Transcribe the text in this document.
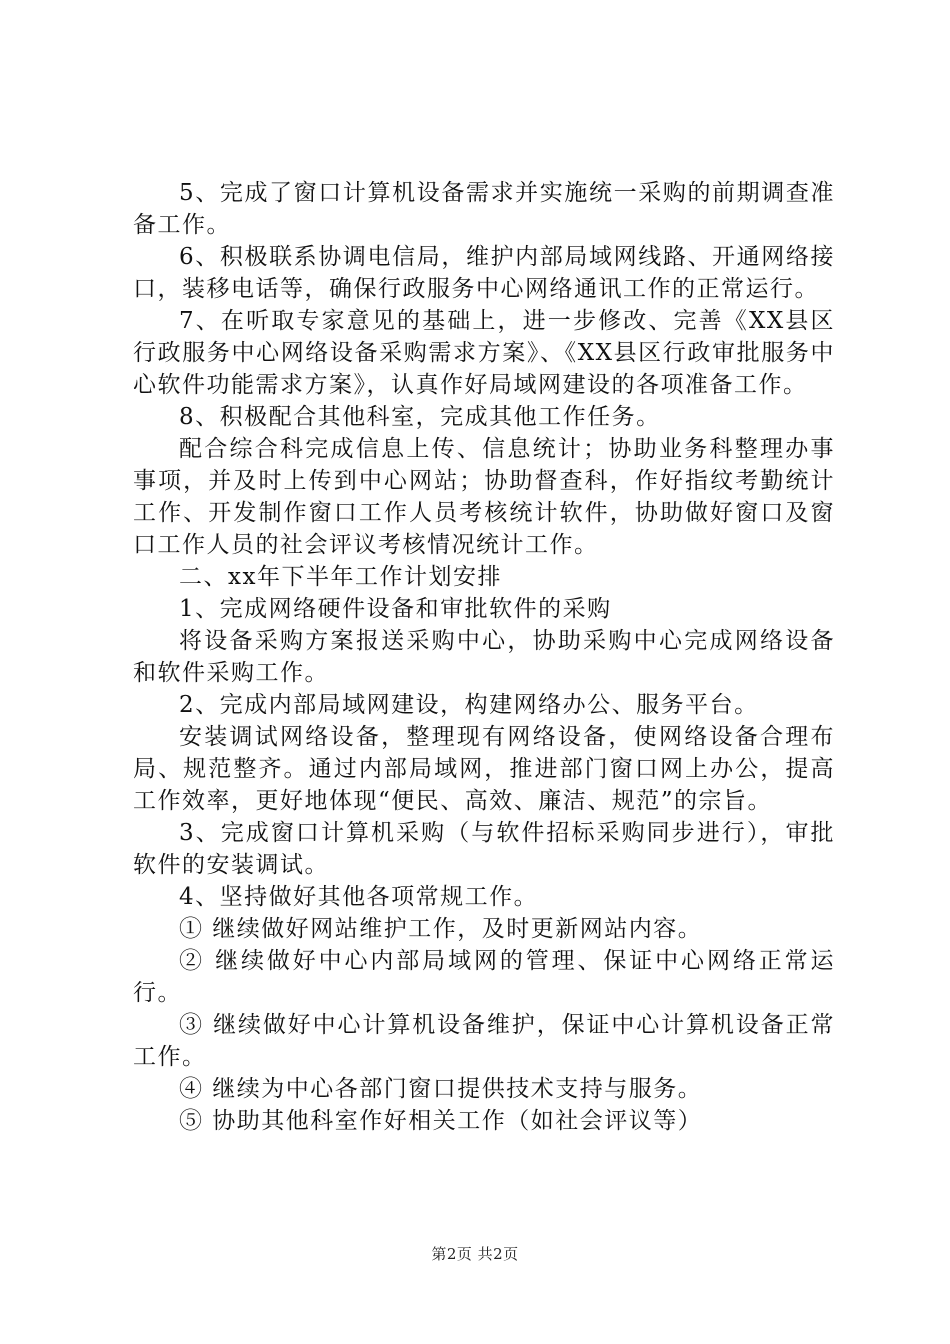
5、完成了窗口计算机设备需求并实施统一采购的前期调查准备工作。

6、积极联系协调电信局，维护内部局域网线路、开通网络接口，装移电话等，确保行政服务中心网络通讯工作的正常运行。

7、在听取专家意见的基础上，进一步修改、完善《XX县区行政服务中心网络设备采购需求方案》、《XX县区行政审批服务中心软件功能需求方案》，认真作好局域网建设的各项准备工作。

8、积极配合其他科室，完成其他工作任务。

配合综合科完成信息上传、信息统计；协助业务科整理办事事项，并及时上传到中心网站；协助督查科，作好指纹考勤统计工作、开发制作窗口工作人员考核统计软件，协助做好窗口及窗口工作人员的社会评议考核情况统计工作。

二、xx年下半年工作计划安排

1、完成网络硬件设备和审批软件的采购

将设备采购方案报送采购中心，协助采购中心完成网络设备和软件采购工作。

2、完成内部局域网建设，构建网络办公、服务平台。

安装调试网络设备，整理现有网络设备，使网络设备合理布局、规范整齐。通过内部局域网，推进部门窗口网上办公，提高工作效率，更好地体现“便民、高效、廉洁、规范”的宗旨。

3、完成窗口计算机采购（与软件招标采购同步进行），审批软件的安装调试。

4、坚持做好其他各项常规工作。

① 继续做好网站维护工作，及时更新网站内容。

② 继续做好中心内部局域网的管理、保证中心网络正常运行。

③ 继续做好中心计算机设备维护，保证中心计算机设备正常工作。

④ 继续为中心各部门窗口提供技术支持与服务。

⑤ 协助其他科室作好相关工作（如社会评议等）

第2页 共2页
